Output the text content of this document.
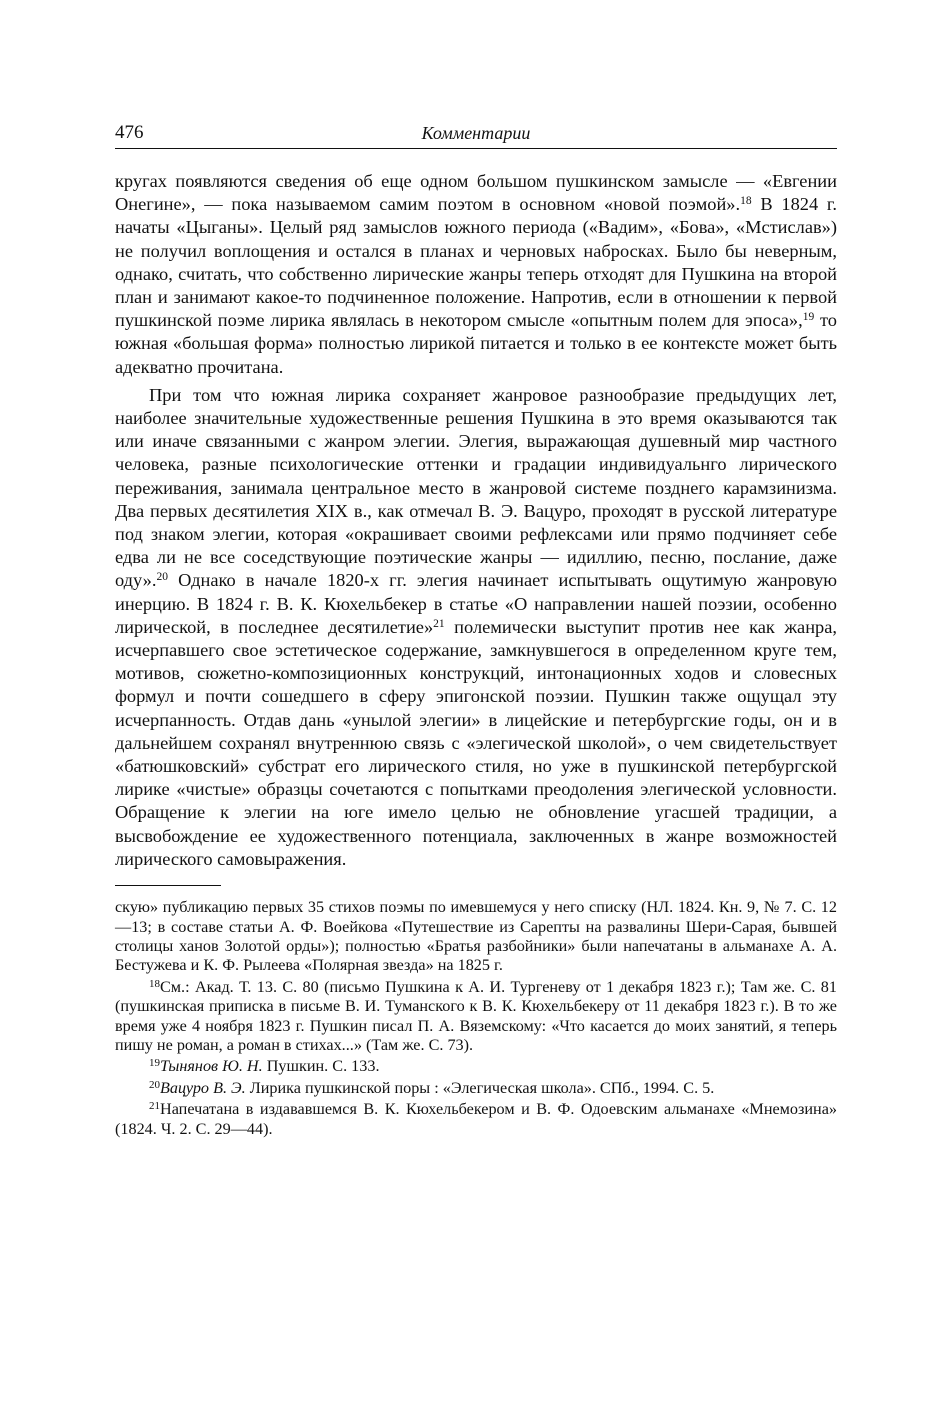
476	Комментарии

кругах появляются сведения об еще одном большом пушкинском замысле — «Евгении Онегине», — пока называемом самим поэтом в основном «новой поэмой».$^{18}$ В 1824 г. начаты «Цыганы». Целый ряд замыслов южного периода («Вадим», «Бова», «Мстислав») не получил воплощения и остался в планах и черновых набросках. Было бы неверным, однако, считать, что собственно лирические жанры теперь отходят для Пушкина на второй план и занимают какое-то подчиненное положение. Напротив, если в отношении к первой пушкинской поэме лирика являлась в некотором смысле «опытным полем для эпоса»,$^{19}$ то южная «большая форма» полностью лирикой питается и только в ее контексте может быть адекватно прочитана.

При том что южная лирика сохраняет жанровое разнообразие предыдущих лет, наиболее значительные художественные решения Пушкина в это время оказываются так или иначе связанными с жанром элегии. Элегия, выражающая душевный мир частного человека, разные психологические оттенки и градации индивидуальнго лирического переживания, занимала центральное место в жанровой системе позднего карамзинизма. Два первых десятилетия XIX в., как отмечал В. Э. Вацуро, проходят в русской литературе под знаком элегии, которая «окрашивает своими рефлексами или прямо подчиняет себе едва ли не все соседствующие поэтические жанры — идиллию, песню, послание, даже оду».$^{20}$ Однако в начале 1820-х гг. элегия начинает испытывать ощутимую жанровую инерцию. В 1824 г. В. К. Кюхельбекер в статье «О направлении нашей поэзии, особенно лирической, в последнее десятилетие»$^{21}$ полемически выступит против нее как жанра, исчерпавшего свое эстетическое содержание, замкнувшегося в определенном круге тем, мотивов, сюжетно-композиционных конструкций, интонационных ходов и словесных формул и почти сошедшего в сферу эпигонской поэзии. Пушкин также ощущал эту исчерпанность. Отдав дань «унылой элегии» в лицейские и петербургские годы, он и в дальнейшем сохранял внутреннюю связь с «элегической школой», о чем свидетельствует «батюшковский» субстрат его лирического стиля, но уже в пушкинской петербургской лирике «чистые» образцы сочетаются с попытками преодоления элегической условности. Обращение к элегии на юге имело целью не обновление угасшей традиции, а высвобождение ее художественного потенциала, заключенных в жанре возможностей лирического самовыражения.

скую» публикацию первых 35 стихов поэмы по имевшемуся у него списку (НЛ. 1824. Кн. 9, № 7. С. 12—13; в составе статьи А. Ф. Воейкова «Путешествие из Сарепты на развалины Шери-Сарая, бывшей столицы ханов Золотой орды»); полностью «Братья разбойники» были напечатаны в альманахе А. А. Бестужева и К. Ф. Рылеева «Полярная звезда» на 1825 г.

$^{18}$См.: Акад. Т. 13. С. 80 (письмо Пушкина к А. И. Тургеневу от 1 декабря 1823 г.); Там же. С. 81 (пушкинская приписка в письме В. И. Туманского к В. К. Кюхельбекеру от 11 декабря 1823 г.). В то же время уже 4 ноября 1823 г. Пушкин писал П. А. Вяземскому: «Что касается до моих занятий, я теперь пишу не роман, а роман в стихах...» (Там же. С. 73).

$^{19}$Тынянов Ю. Н. Пушкин. С. 133.

$^{20}$Вацуро В. Э. Лирика пушкинской поры : «Элегическая школа». СПб., 1994. С. 5.

$^{21}$Напечатана в издававшемся В. К. Кюхельбекером и В. Ф. Одоевским альманахе «Мнемозина» (1824. Ч. 2. С. 29—44).
